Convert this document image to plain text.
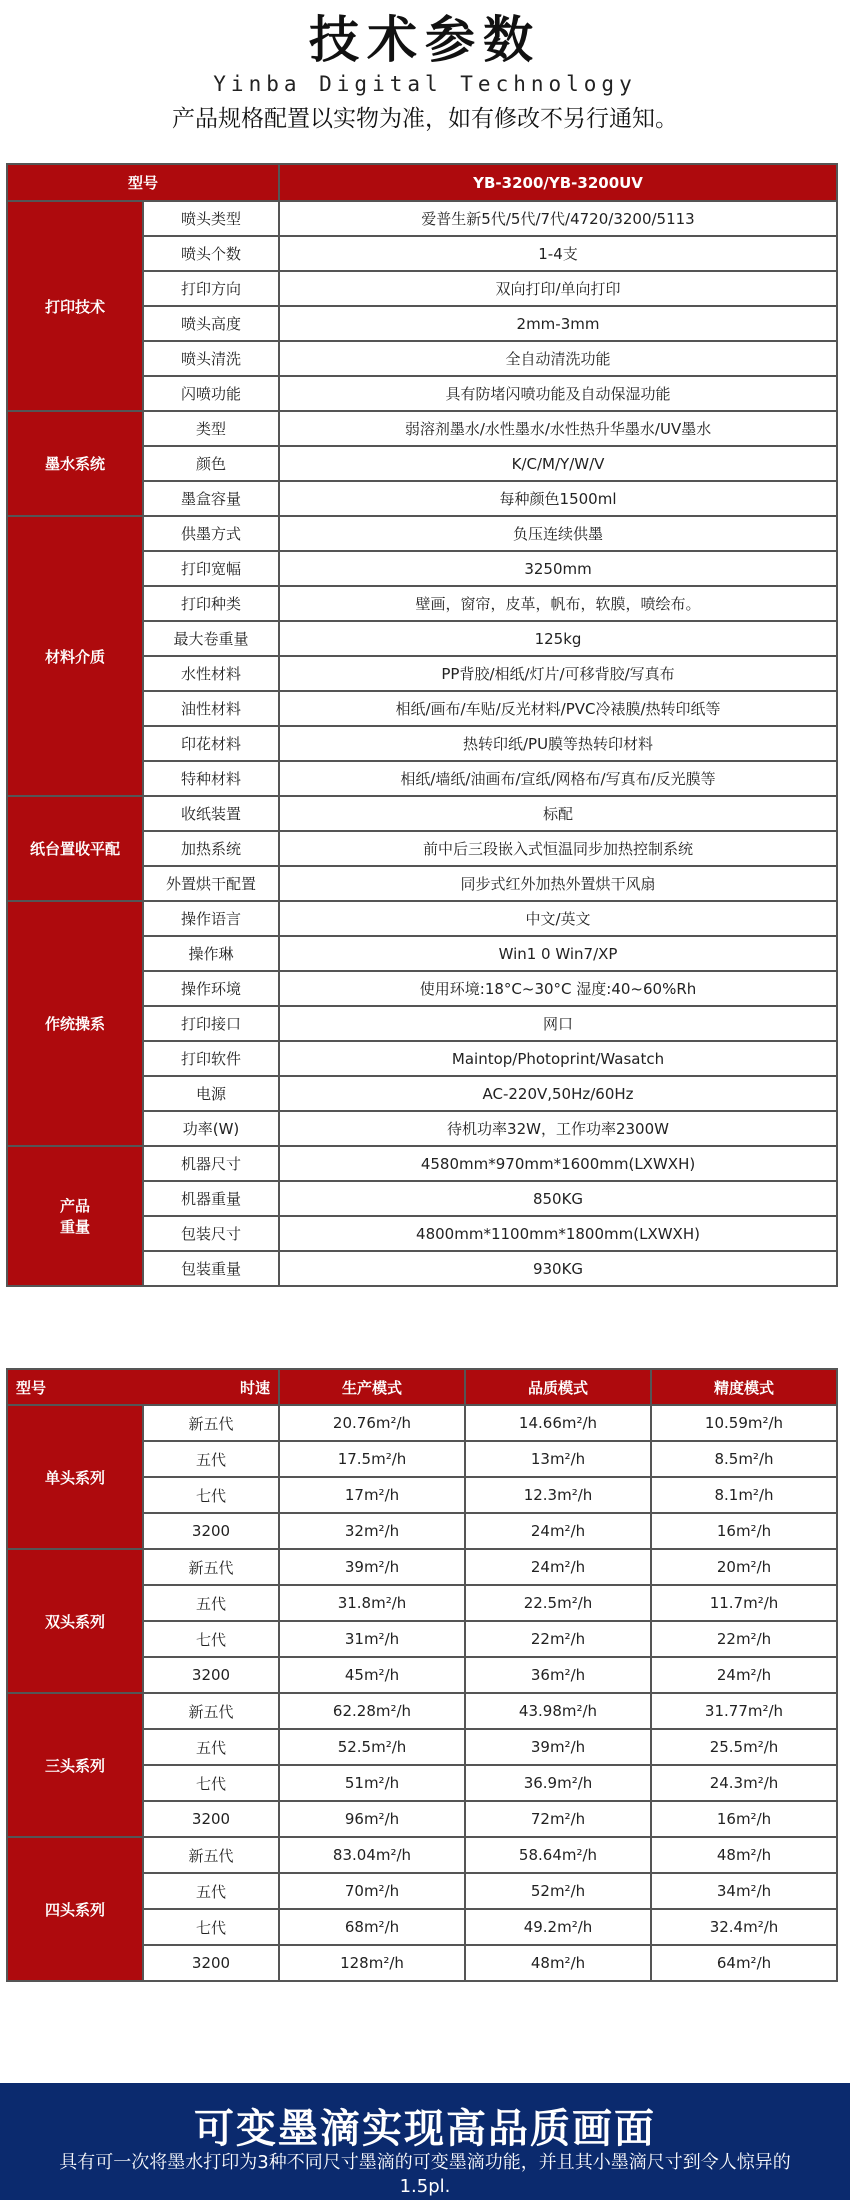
技术参数
Yinba Digital Technology
产品规格配置以实物为准，如有修改不另行通知。
型号		YB-3200/YB-3200UV
打印技术	喷头类型	爱普生新5代/5代/7代/4720/3200/5113
	喷头个数	1-4支
	打印方向	双向打印/单向打印
	喷头高度	2mm-3mm
	喷头清洗	全自动清洗功能
	闪喷功能	具有防堵闪喷功能及自动保湿功能
墨水系统	类型	弱溶剂墨水/水性墨水/水性热升华墨水/UV墨水
	颜色	K/C/M/Y/W/V
	墨盒容量	每种颜色1500ml
材料介质	供墨方式	负压连续供墨
	打印宽幅	3250mm
	打印种类	壁画，窗帘，皮革，帆布，软膜，喷绘布。
	最大卷重量	125kg
	水性材料	PP背胶/相纸/灯片/可移背胶/写真布
	油性材料	相纸/画布/车贴/反光材料/PVC冷裱膜/热转印纸等
	印花材料	热转印纸/PU膜等热转印材料
	特种材料	相纸/墙纸/油画布/宣纸/网格布/写真布/反光膜等
纸台置收平配	收纸装置	标配
	加热系统	前中后三段嵌入式恒温同步加热控制系统
	外置烘干配置	同步式红外加热外置烘干风扇
作统操系	操作语言	中文/英文
	操作琳	Win1 0 Win7/XP
	操作环境	使用环境:18°C~30°C 湿度:40~60%Rh
	打印接口	网口
	打印软件	Maintop/Photoprint/Wasatch
	电源	AC-220V,50Hz/60Hz
	功率(W)	待机功率32W，工作功率2300W
产品
重量	机器尺寸	4580mm*970mm*1600mm(LXWXH)
	机器重量	850KG
	包装尺寸	4800mm*1100mm*1800mm(LXWXH)
	包装重量	930KG
型号 时速		生产模式	品质模式	精度模式
单头系列	新五代	20.76m²/h	14.66m²/h	10.59m²/h
	五代	17.5m²/h	13m²/h	8.5m²/h
	七代	17m²/h	12.3m²/h	8.1m²/h
	3200	32m²/h	24m²/h	16m²/h
双头系列	新五代	39m²/h	24m²/h	20m²/h
	五代	31.8m²/h	22.5m²/h	11.7m²/h
	七代	31m²/h	22m²/h	22m²/h
	3200	45m²/h	36m²/h	24m²/h
三头系列	新五代	62.28m²/h	43.98m²/h	31.77m²/h
	五代	52.5m²/h	39m²/h	25.5m²/h
	七代	51m²/h	36.9m²/h	24.3m²/h
	3200	96m²/h	72m²/h	16m²/h
四头系列	新五代	83.04m²/h	58.64m²/h	48m²/h
	五代	70m²/h	52m²/h	34m²/h
	七代	68m²/h	49.2m²/h	32.4m²/h
	3200	128m²/h	48m²/h	64m²/h
可变墨滴实现高品质画面
具有可一次将墨水打印为3种不同尺寸墨滴的可变墨滴功能，并且其小墨滴尺寸到令人惊异的1.5pl.
